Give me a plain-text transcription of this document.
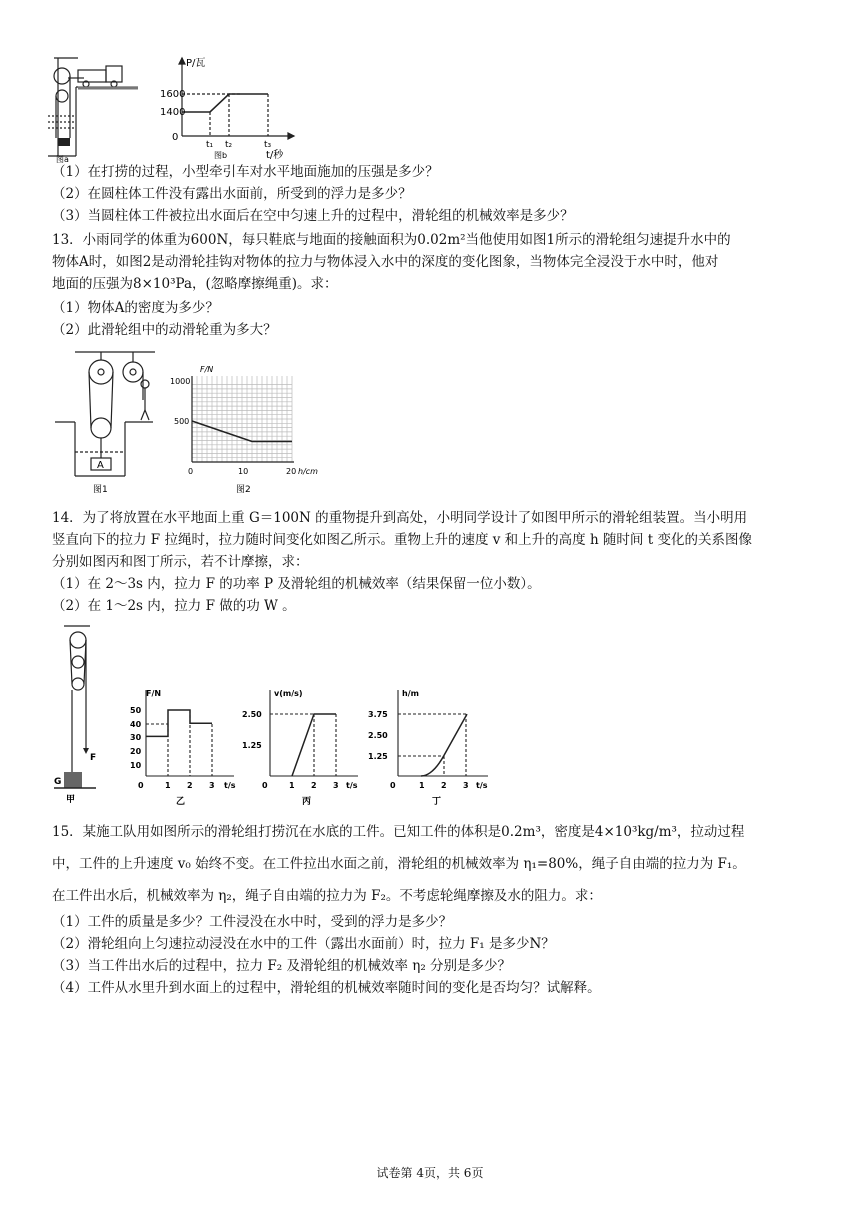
图a
P/瓦
1600
1400
0
t₁ t₂	t₃
图b	t/秒
（1）在打捞的过程，小型牵引车对水平地面施加的压强是多少？
（2）在圆柱体工件没有露出水面前，所受到的浮力是多少？
（3）当圆柱体工件被拉出水面后在空中匀速上升的过程中，滑轮组的机械效率是多少？
13．小雨同学的体重为600N，每只鞋底与地面的接触面积为0.02m²当他使用如图1所示的滑轮组匀速提升水中的
物体A时，如图2是动滑轮挂钩对物体的拉力与物体浸入水中的深度的变化图象，当物体完全浸没于水中时，他对
地面的压强为8×10³Pa，(忽略摩擦绳重)。求：
（1）物体A的密度为多少？
（2）此滑轮组中的动滑轮重为多大？
A
图1
F/N
1000
500
0	10	20 h/cm
图2
14．为了将放置在水平地面上重 G＝100N 的重物提升到高处，小明同学设计了如图甲所示的滑轮组装置。当小明用
竖直向下的拉力 F 拉绳时，拉力随时间变化如图乙所示。重物上升的速度 v 和上升的高度 h 随时间 t 变化的关系图像
分别如图丙和图丁所示，若不计摩擦，求：
（1）在 2～3s 内，拉力 F 的功率 P 及滑轮组的机械效率（结果保留一位小数）。
（2）在 1～2s 内，拉力 F 做的功 W 。
F
G
甲
F/N
50
40
30
20
10
0	1 2 3 t/s
乙
v(m/s)
2.50
1.25
0	1 2 3 t/s
丙
h/m
3.75
2.50
1.25
0	1 2 3 t/s
丁
15．某施工队用如图所示的滑轮组打捞沉在水底的工件。已知工件的体积是0.2m³，密度是4×10³kg/m³，拉动过程
中，工件的上升速度 v₀ 始终不变。在工件拉出水面之前，滑轮组的机械效率为 η₁=80%，绳子自由端的拉力为 F₁。
在工件出水后，机械效率为 η₂，绳子自由端的拉力为 F₂。不考虑轮绳摩擦及水的阻力。求：
（1）工件的质量是多少？工件浸没在水中时，受到的浮力是多少？
（2）滑轮组向上匀速拉动浸没在水中的工件（露出水面前）时，拉力 F₁ 是多少N？
（3）当工件出水后的过程中，拉力 F₂ 及滑轮组的机械效率 η₂ 分别是多少？
（4）工件从水里升到水面上的过程中，滑轮组的机械效率随时间的变化是否均匀？试解释。
试卷第 4页，共 6页
